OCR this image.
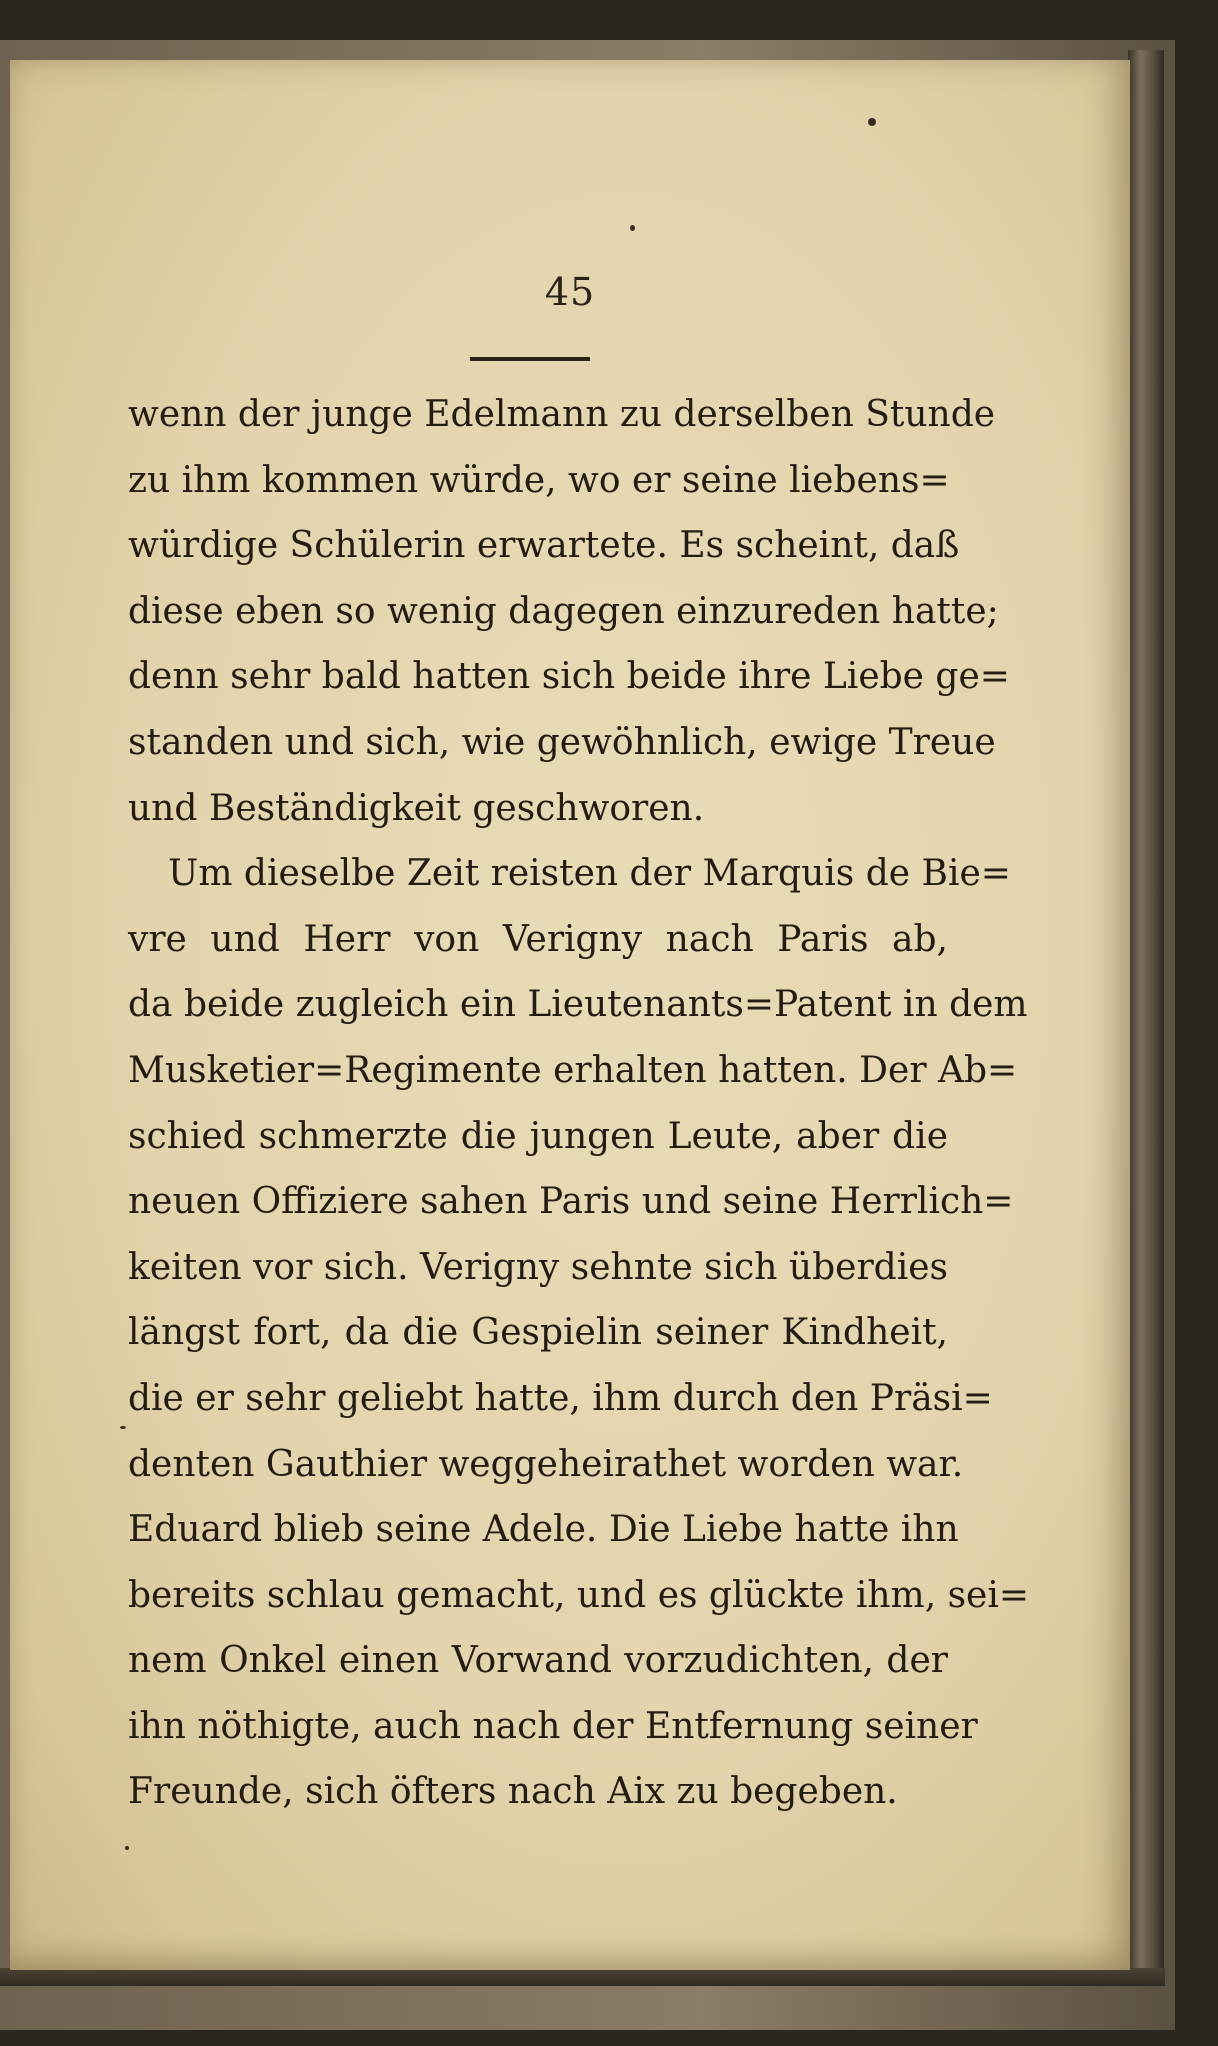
45
wenn der junge Edelmann zu derselben Stunde
zu ihm kommen würde, wo er seine liebens=
würdige Schülerin erwartete. Es scheint, daß
diese eben so wenig dagegen einzureden hatte;
denn sehr bald hatten sich beide ihre Liebe ge=
standen und sich, wie gewöhnlich, ewige Treue
und Beständigkeit geschworen.
Um dieselbe Zeit reisten der Marquis de Bie=
vre und Herr von Verigny nach Paris ab,
da beide zugleich ein Lieutenants=Patent in dem
Musketier=Regimente erhalten hatten. Der Ab=
schied schmerzte die jungen Leute, aber die
neuen Offiziere sahen Paris und seine Herrlich=
keiten vor sich. Verigny sehnte sich überdies
längst fort, da die Gespielin seiner Kindheit,
die er sehr geliebt hatte, ihm durch den Präsi=
denten Gauthier weggeheirathet worden war.
Eduard blieb seine Adele. Die Liebe hatte ihn
bereits schlau gemacht, und es glückte ihm, sei=
nem Onkel einen Vorwand vorzudichten, der
ihn nöthigte, auch nach der Entfernung seiner
Freunde, sich öfters nach Aix zu begeben.
